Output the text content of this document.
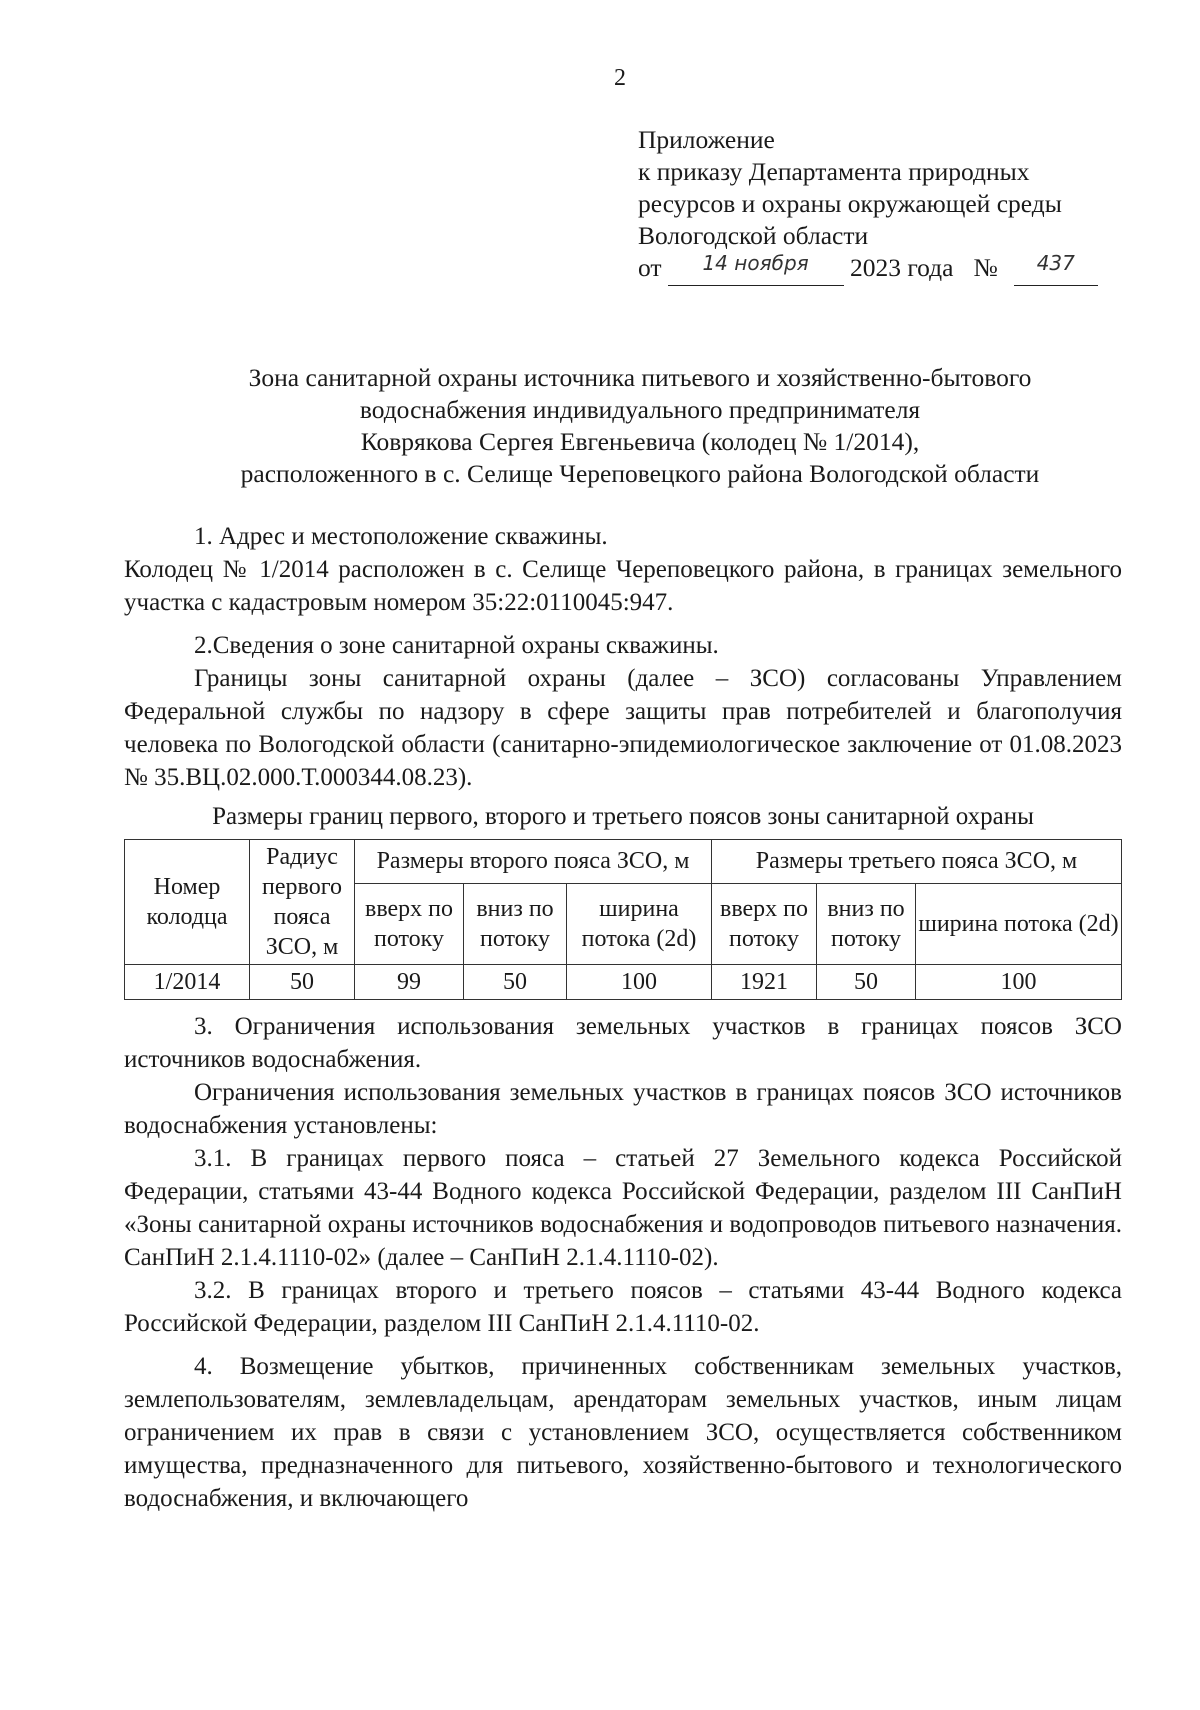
2
Приложение
к приказу Департамента природных
ресурсов и охраны окружающей среды
Вологодской области
от $^{14 ноября}$ 2023 года № $^{437}$
Зона санитарной охраны источника питьевого и хозяйственно-бытового
водоснабжения индивидуального предпринимателя
Коврякова Сергея Евгеньевича (колодец № 1/2014),
расположенного в с. Селище Череповецкого района Вологодской области

1. Адрес и местоположение скважины.

Колодец № 1/2014 расположен в с. Селище Череповецкого района, в границах земельного участка с кадастровым номером 35:22:0110045:947.

2.Сведения о зоне санитарной охраны скважины.

Границы зоны санитарной охраны (далее – ЗСО) согласованы Управлением Федеральной службы по надзору в сфере защиты прав потребителей и благополучия человека по Вологодской области (санитарно-эпидемиологическое заключение от 01.08.2023 № 35.ВЦ.02.000.Т.000344.08.23).

Размеры границ первого, второго и третьего поясов зоны санитарной охраны
Номер колодца	Радиус первого пояса ЗСО, м	Размеры второго пояса ЗСО, м			Размеры третьего пояса ЗСО, м		
		вверх по потоку	вниз по потоку	ширина потока (2d)	вверх по потоку	вниз по потоку	ширина потока (2d)
1/2014	50	99	50	100	1921	50	100

3. Ограничения использования земельных участков в границах поясов ЗСО источников водоснабжения.

Ограничения использования земельных участков в границах поясов ЗСО источников водоснабжения установлены:

3.1. В границах первого пояса – статьей 27 Земельного кодекса Российской Федерации, статьями 43-44 Водного кодекса Российской Федерации, разделом III СанПиН «Зоны санитарной охраны источников водоснабжения и водопроводов питьевого назначения. СанПиН 2.1.4.1110-02» (далее – СанПиН 2.1.4.1110-02).

3.2. В границах второго и третьего поясов – статьями 43-44 Водного кодекса Российской Федерации, разделом III СанПиН 2.1.4.1110-02.

4. Возмещение убытков, причиненных собственникам земельных участков, землепользователям, землевладельцам, арендаторам земельных участков, иным лицам ограничением их прав в связи с установлением ЗСО, осуществляется собственником имущества, предназначенного для питьевого, хозяйственно-бытового и технологического водоснабжения, и включающего
